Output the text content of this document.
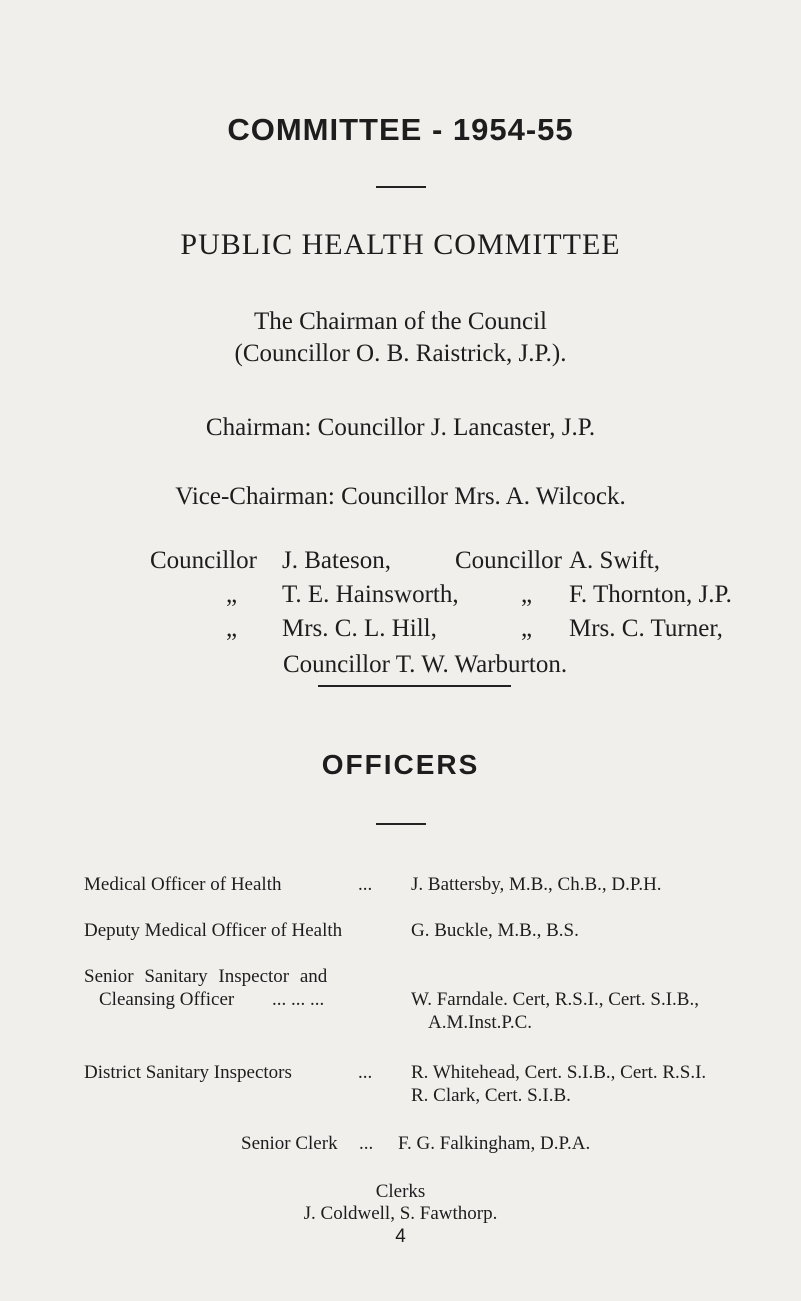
COMMITTEE - 1954-55
PUBLIC HEALTH COMMITTEE
The Chairman of the Council
(Councillor O. B. Raistrick, J.P.).
Chairman: Councillor J. Lancaster, J.P.
Vice-Chairman: Councillor Mrs. A. Wilcock.
Councillor J. Bateson,	Councillor A. Swift,
„ T. E. Hainsworth, „ F. Thornton, J.P.
„ Mrs. C. L. Hill,	„ Mrs. C. Turner,
Councillor T. W. Warburton.
OFFICERS
Medical Officer of Health	... J. Battersby, M.B., Ch.B., D.P.H.
Deputy Medical Officer of Health	G. Buckle, M.B., B.S.
Senior Sanitary Inspector and
Cleansing Officer ... ... ...	W. Farndale. Cert, R.S.I., Cert. S.I.B.,
A.M.Inst.P.C.
District Sanitary Inspectors	... R. Whitehead, Cert. S.I.B., Cert. R.S.I.
R. Clark, Cert. S.I.B.
Senior Clerk ... F. G. Falkingham, D.P.A.
Clerks
J. Coldwell, S. Fawthorp.
4
